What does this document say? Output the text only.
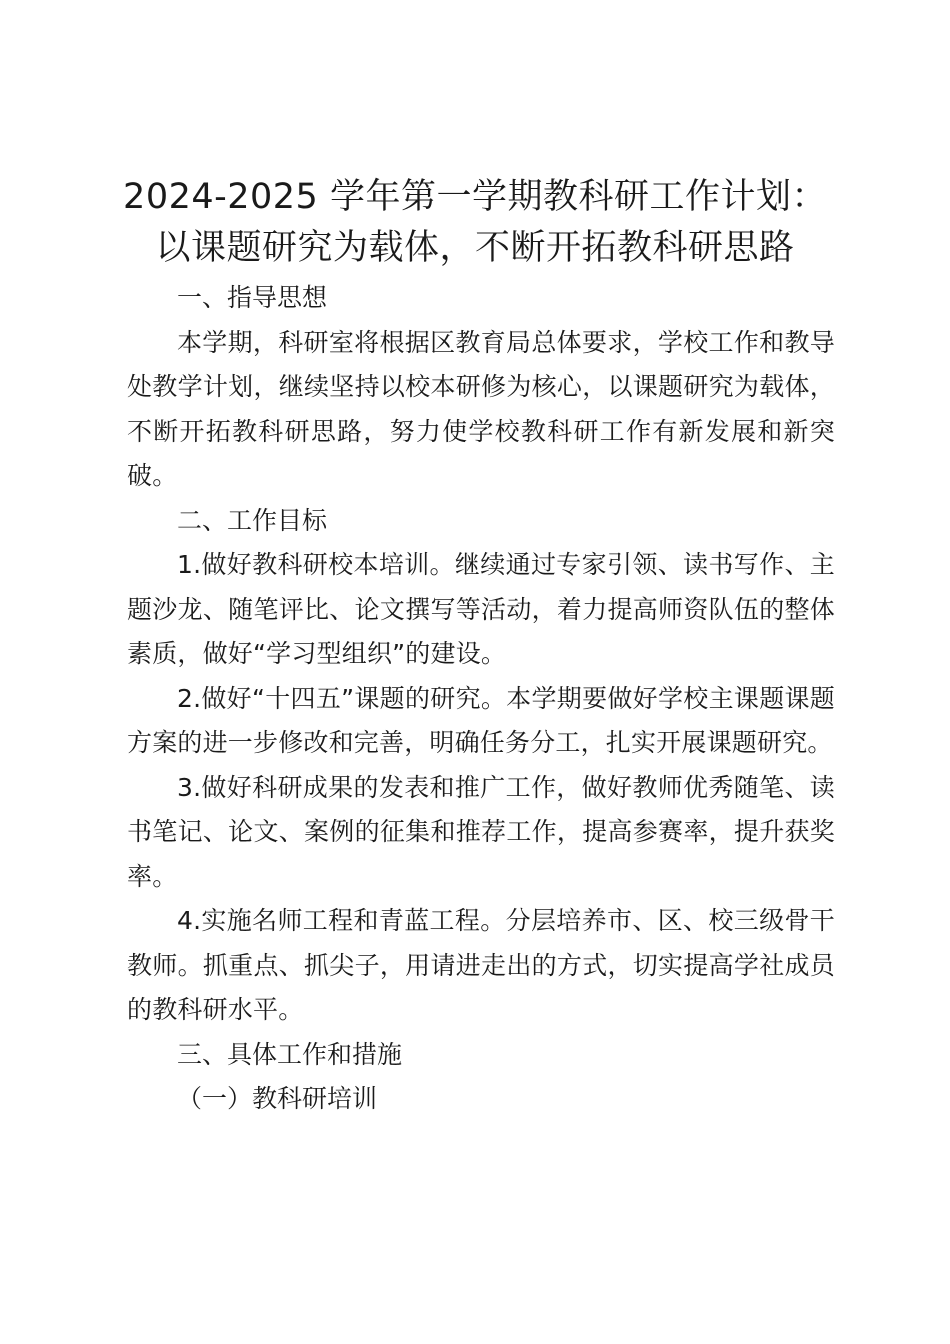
2024-2025 学年第一学期教科研工作计划：
以课题研究为载体，不断开拓教科研思路
一、指导思想

本学期，科研室将根据区教育局总体要求，学校工作和教导处教学计划，继续坚持以校本研修为核心，以课题研究为载体，不断开拓教科研思路，努力使学校教科研工作有新发展和新突破。

二、工作目标

1.做好教科研校本培训。继续通过专家引领、读书写作、主题沙龙、随笔评比、论文撰写等活动，着力提高师资队伍的整体素质，做好“学习型组织”的建设。

2.做好“十四五”课题的研究。本学期要做好学校主课题课题方案的进一步修改和完善，明确任务分工，扎实开展课题研究。

3.做好科研成果的发表和推广工作，做好教师优秀随笔、读书笔记、论文、案例的征集和推荐工作，提高参赛率，提升获奖率。

4.实施名师工程和青蓝工程。分层培养市、区、校三级骨干教师。抓重点、抓尖子，用请进走出的方式，切实提高学社成员的教科研水平。

三、具体工作和措施
（一）教科研培训
